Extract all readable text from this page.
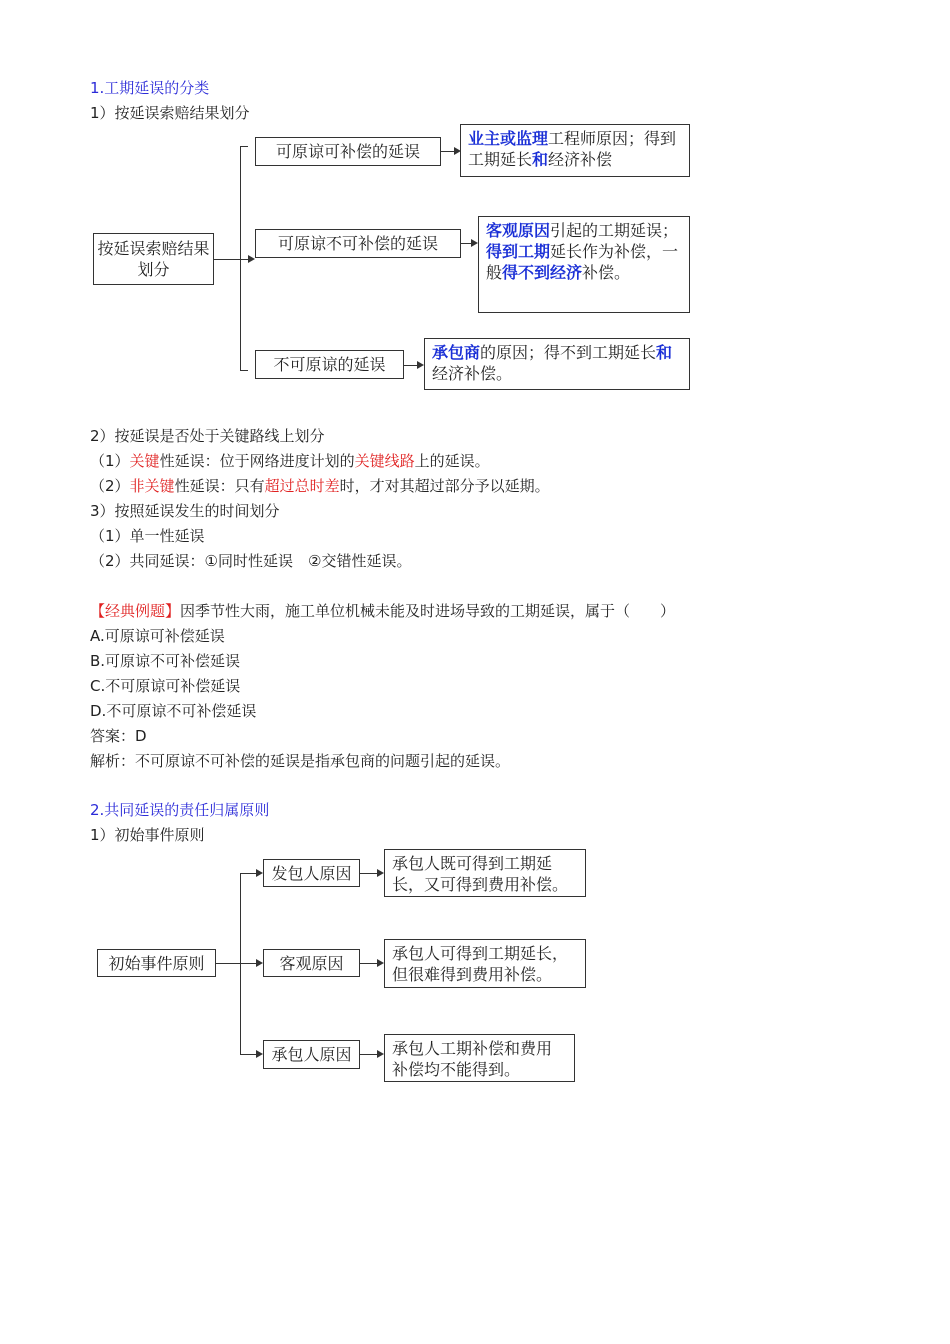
1.工期延误的分类
1）按延误索赔结果划分
按延误索赔结果划分
可原谅可补偿的延误
可原谅不可补偿的延误
不可原谅的延误
业主或监理工程师原因；得到工期延长和经济补偿
客观原因引起的工期延误；得到工期延长作为补偿，一般得不到经济补偿。
承包商的原因；得不到工期延长和经济补偿。
2）按延误是否处于关键路线上划分
（1）关键性延误：位于网络进度计划的关键线路上的延误。
（2）非关键性延误：只有超过总时差时，才对其超过部分予以延期。
3）按照延误发生的时间划分
（1）单一性延误
（2）共同延误：①同时性延误　②交错性延误。
【经典例题】因季节性大雨，施工单位机械未能及时进场导致的工期延误，属于（　　）
A.可原谅可补偿延误
B.可原谅不可补偿延误
C.不可原谅可补偿延误
D.不可原谅不可补偿延误
答案：D
解析：不可原谅不可补偿的延误是指承包商的问题引起的延误。
2.共同延误的责任归属原则
1）初始事件原则
初始事件原则
发包人原因
客观原因
承包人原因
承包人既可得到工期延长，又可得到费用补偿。
承包人可得到工期延长，但很难得到费用补偿。
承包人工期补偿和费用补偿均不能得到。
